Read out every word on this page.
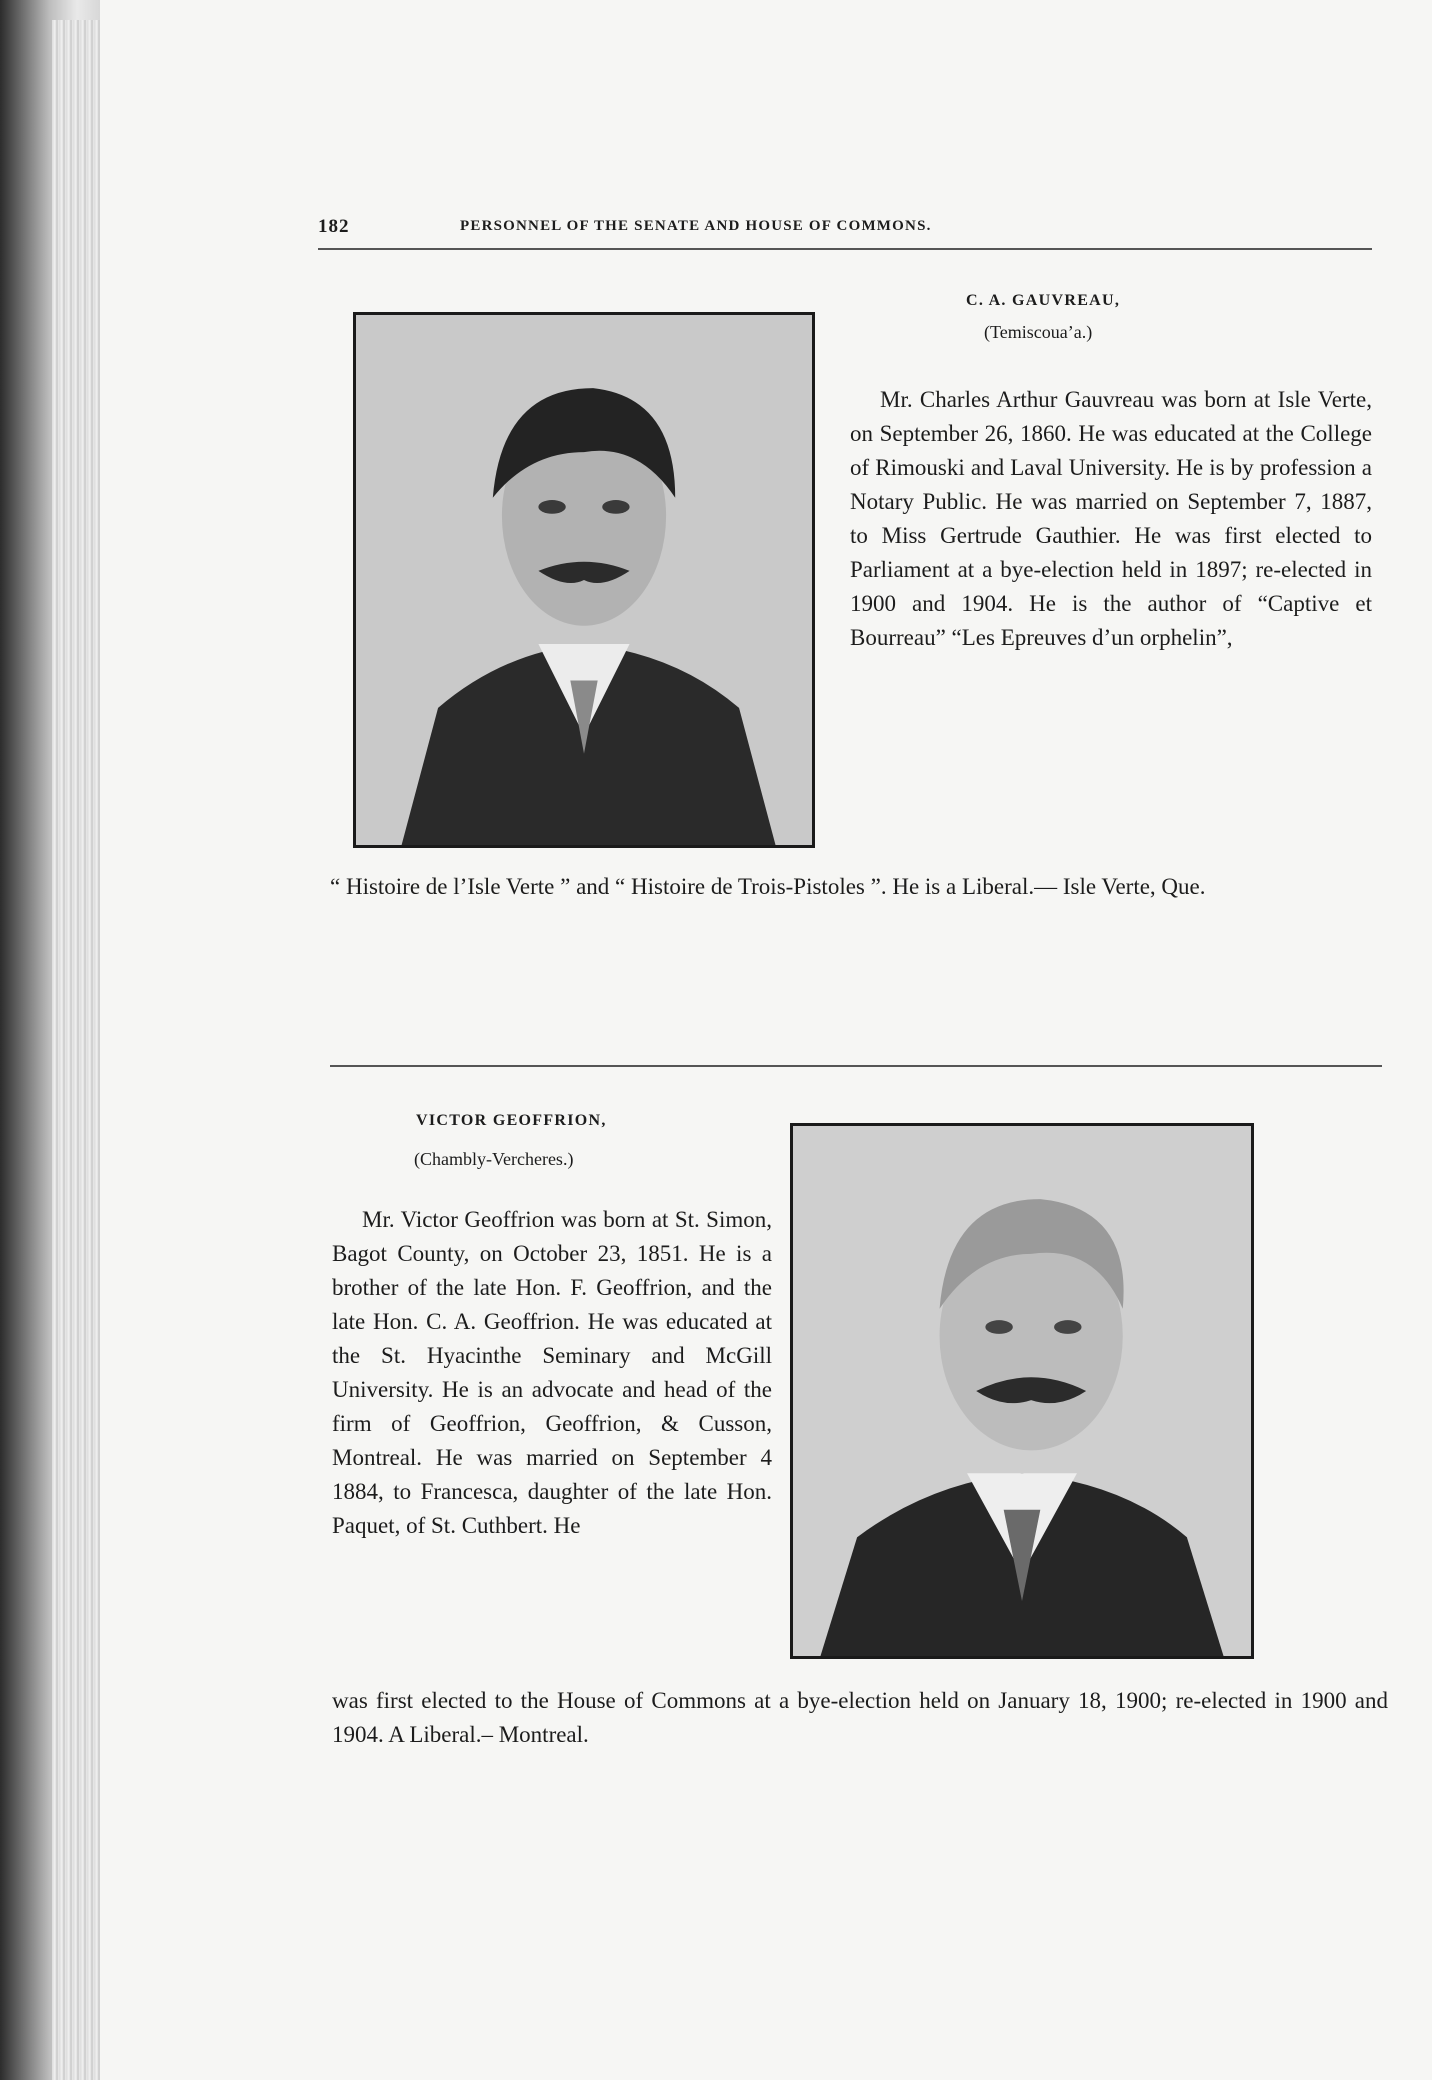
182	PERSONNEL OF THE SENATE AND HOUSE OF COMMONS.
C. A. GAUVREAU,
(Temiscoua’a.)
Mr. Charles Arthur Gauvreau was born at Isle Verte, on September 26, 1860. He was educated at the College of Rimouski and Laval University. He is by profession a Notary Public. He was married on September 7, 1887, to Miss Gertrude Gauthier. He was first elected to Parliament at a bye-election held in 1897; re-elected in 1900 and 1904. He is the author of “Captive et Bourreau” “Les Epreuves d’un orphelin”,
“ Histoire de l’Isle Verte ” and “ Histoire de Trois-Pistoles ”. He is a Liberal.— Isle Verte, Que.
VICTOR GEOFFRION,
(Chambly-Vercheres.)
Mr. Victor Geoffrion was born at St. Simon, Bagot County, on October 23, 1851. He is a brother of the late Hon. F. Geoffrion, and the late Hon. C. A. Geoffrion. He was educated at the St. Hyacinthe Seminary and McGill University. He is an advocate and head of the firm of Geoffrion, Geoffrion, & Cusson, Montreal. He was married on September 4 1884, to Francesca, daughter of the late Hon. Paquet, of St. Cuthbert. He
was first elected to the House of Commons at a bye-election held on January 18, 1900; re-elected in 1900 and 1904. A Liberal.– Montreal.
